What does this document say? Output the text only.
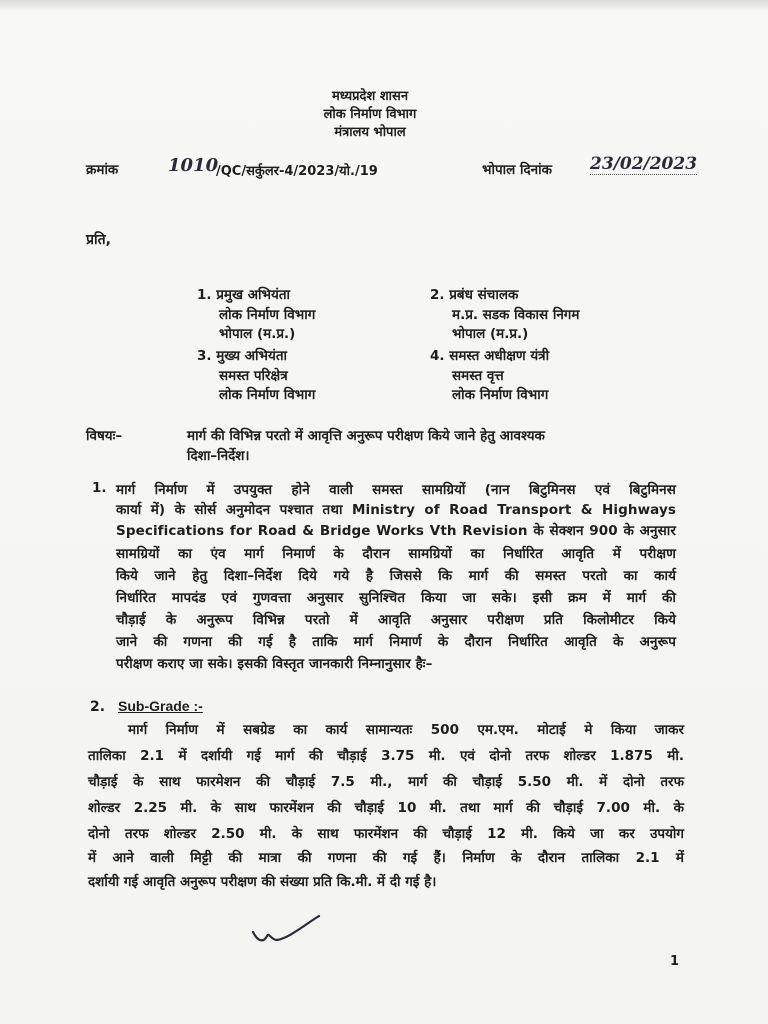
मध्यप्रदेश शासन
लोक निर्माण विभाग
मंत्रालय भोपाल
क्रमांक	1010
/QC/सर्कुलर-4/2023/यो./19	भोपाल दिनांक 23/02/2023
प्रति,
1. प्रमुख अभियंता
लोक निर्माण विभाग
भोपाल (म.प्र.)
2. प्रबंध संचालक
म.प्र. सडक विकास निगम
भोपाल (म.प्र.)
3. मुख्य अभियंता
समस्त परिक्षेत्र
लोक निर्माण विभाग
4. समस्त अधीक्षण यंत्री
समस्त वृत्त
लोक निर्माण विभाग
विषयः–	मार्ग की विभिन्न परतो में आवृत्ति अनुरूप परीक्षण किये जाने हेतु आवश्यक
दिशा–निर्देश।
1. मार्ग निर्माण में उपयुक्त होने वाली समस्त सामग्रियों (नान बिटुमिनस एवं बिटुमिनस
कार्या में) के सोर्स अनुमोदन पश्चात तथा Ministry of Road Transport & Highways
Specifications for Road & Bridge Works Vth Revision के सेक्शन 900 के अनुसार
सामग्रियों का एंव मार्ग निमार्ण के दौरान सामग्रियों का निर्धारित आवृति में परीक्षण
किये जाने हेतु दिशा–निर्देश दिये गये है जिससे कि मार्ग की समस्त परतो का कार्य
निर्धारित मापदंड एवं गुणवत्ता अनुसार सुनिश्चित किया जा सके। इसी क्रम में मार्ग की
चौड़ाई के अनुरूप विभिन्न परतो में आवृति अनुसार परीक्षण प्रति किलोमीटर किये
जाने की गणना की गई है ताकि मार्ग निमार्ण के दौरान निर्धारित आवृति के अनुरूप
परीक्षण कराए जा सके। इसकी विस्तृत जानकारी निम्नानुसार हैः–
2. Sub-Grade :-
मार्ग निर्माण में सबग्रेड का कार्य सामान्यतः 500 एम.एम. मोटाई मे किया जाकर
तालिका 2.1 में दर्शायी गई मार्ग की चौड़ाई 3.75 मी. एवं दोनो तरफ शोल्डर 1.875 मी.
चौड़ाई के साथ फारमेशन की चौड़ाई 7.5 मी., मार्ग की चौड़ाई 5.50 मी. में दोनो तरफ
शोल्डर 2.25 मी. के साथ फारमेंशन की चौड़ाई 10 मी. तथा मार्ग की चौड़ाई 7.00 मी. के
दोनो तरफ शोल्डर 2.50 मी. के साथ फारमेंशन की चौड़ाई 12 मी. किये जा कर उपयोग
में आने वाली मिट्टी की मात्रा की गणना की गई हैं। निर्माण के दौरान तालिका 2.1 में
दर्शायी गई आवृति अनुरूप परीक्षण की संख्या प्रति कि.मी. में दी गई है।
1
